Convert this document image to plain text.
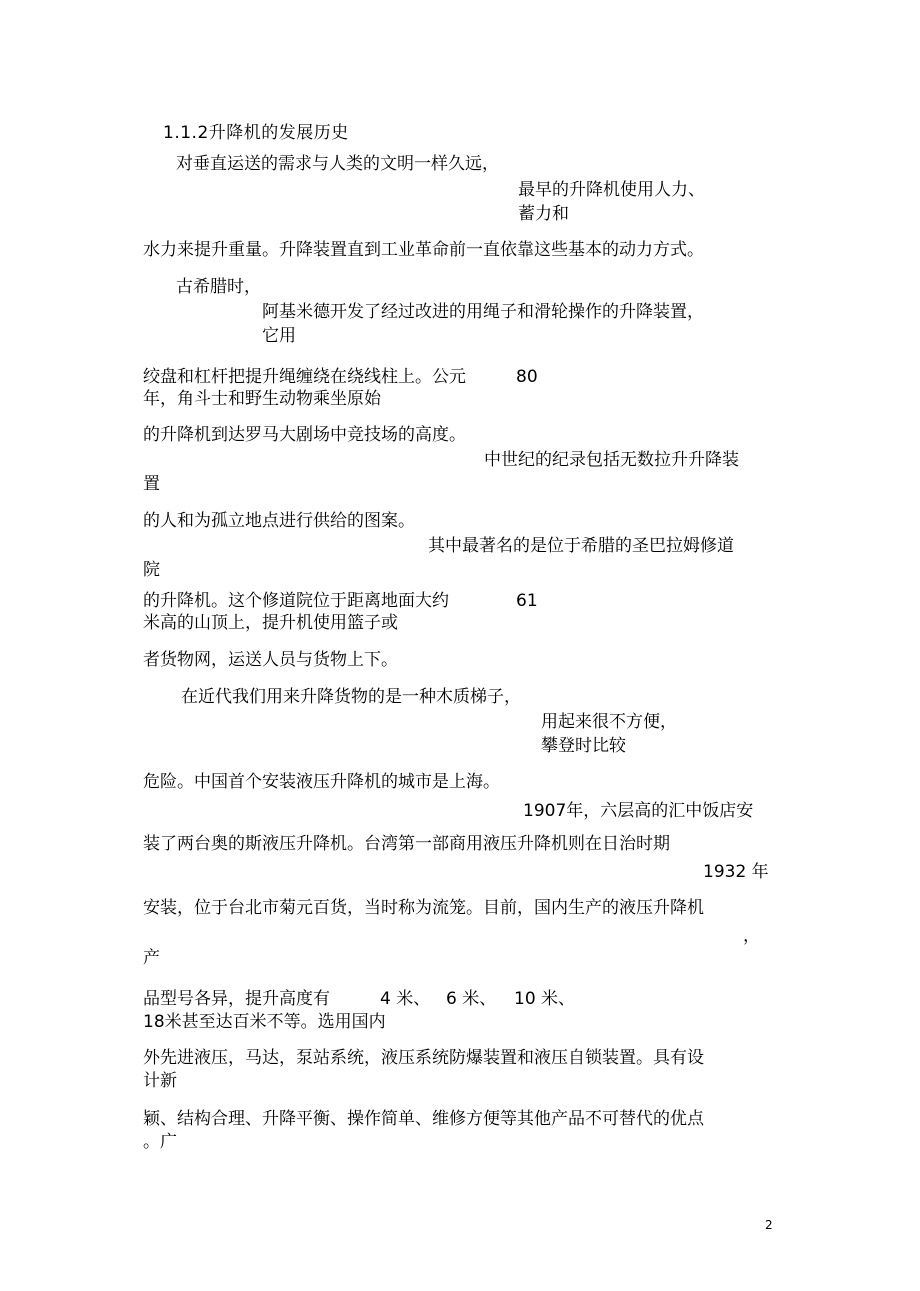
1.1.2升降机的发展历史
对垂直运送的需求与人类的文明一样久远，
最早的升降机使用人力、
蓄力和
水力来提升重量。升降装置直到工业革命前一直依靠这些基本的动力方式。
古希腊时，
阿基米德开发了经过改进的用绳子和滑轮操作的升降装置，
它用
绞盘和杠杆把提升绳缠绕在绕线柱上。公元	80
年，角斗士和野生动物乘坐原始
的升降机到达罗马大剧场中竞技场的高度。
中世纪的纪录包括无数拉升升降装
置
的人和为孤立地点进行供给的图案。
其中最著名的是位于希腊的圣巴拉姆修道
院
的升降机。这个修道院位于距离地面大约	61
米高的山顶上，提升机使用篮子或
者货物网，运送人员与货物上下。
在近代我们用来升降货物的是一种木质梯子，
用起来很不方便，
攀登时比较
危险。中国首个安装液压升降机的城市是上海。
1907年，六层高的汇中饭店安
装了两台奥的斯液压升降机。台湾第一部商用液压升降机则在日治时期
1932 年
安装，位于台北市菊元百货，当时称为流笼。目前，国内生产的液压升降机
，
产
品型号各异，提升高度有	4 米、 6 米、 10 米、
18米甚至达百米不等。选用国内
外先进液压，马达，泵站系统，液压系统防爆装置和液压自锁装置。具有设
计新
颖、结构合理、升降平衡、操作简单、维修方便等其他产品不可替代的优点
。广
2
